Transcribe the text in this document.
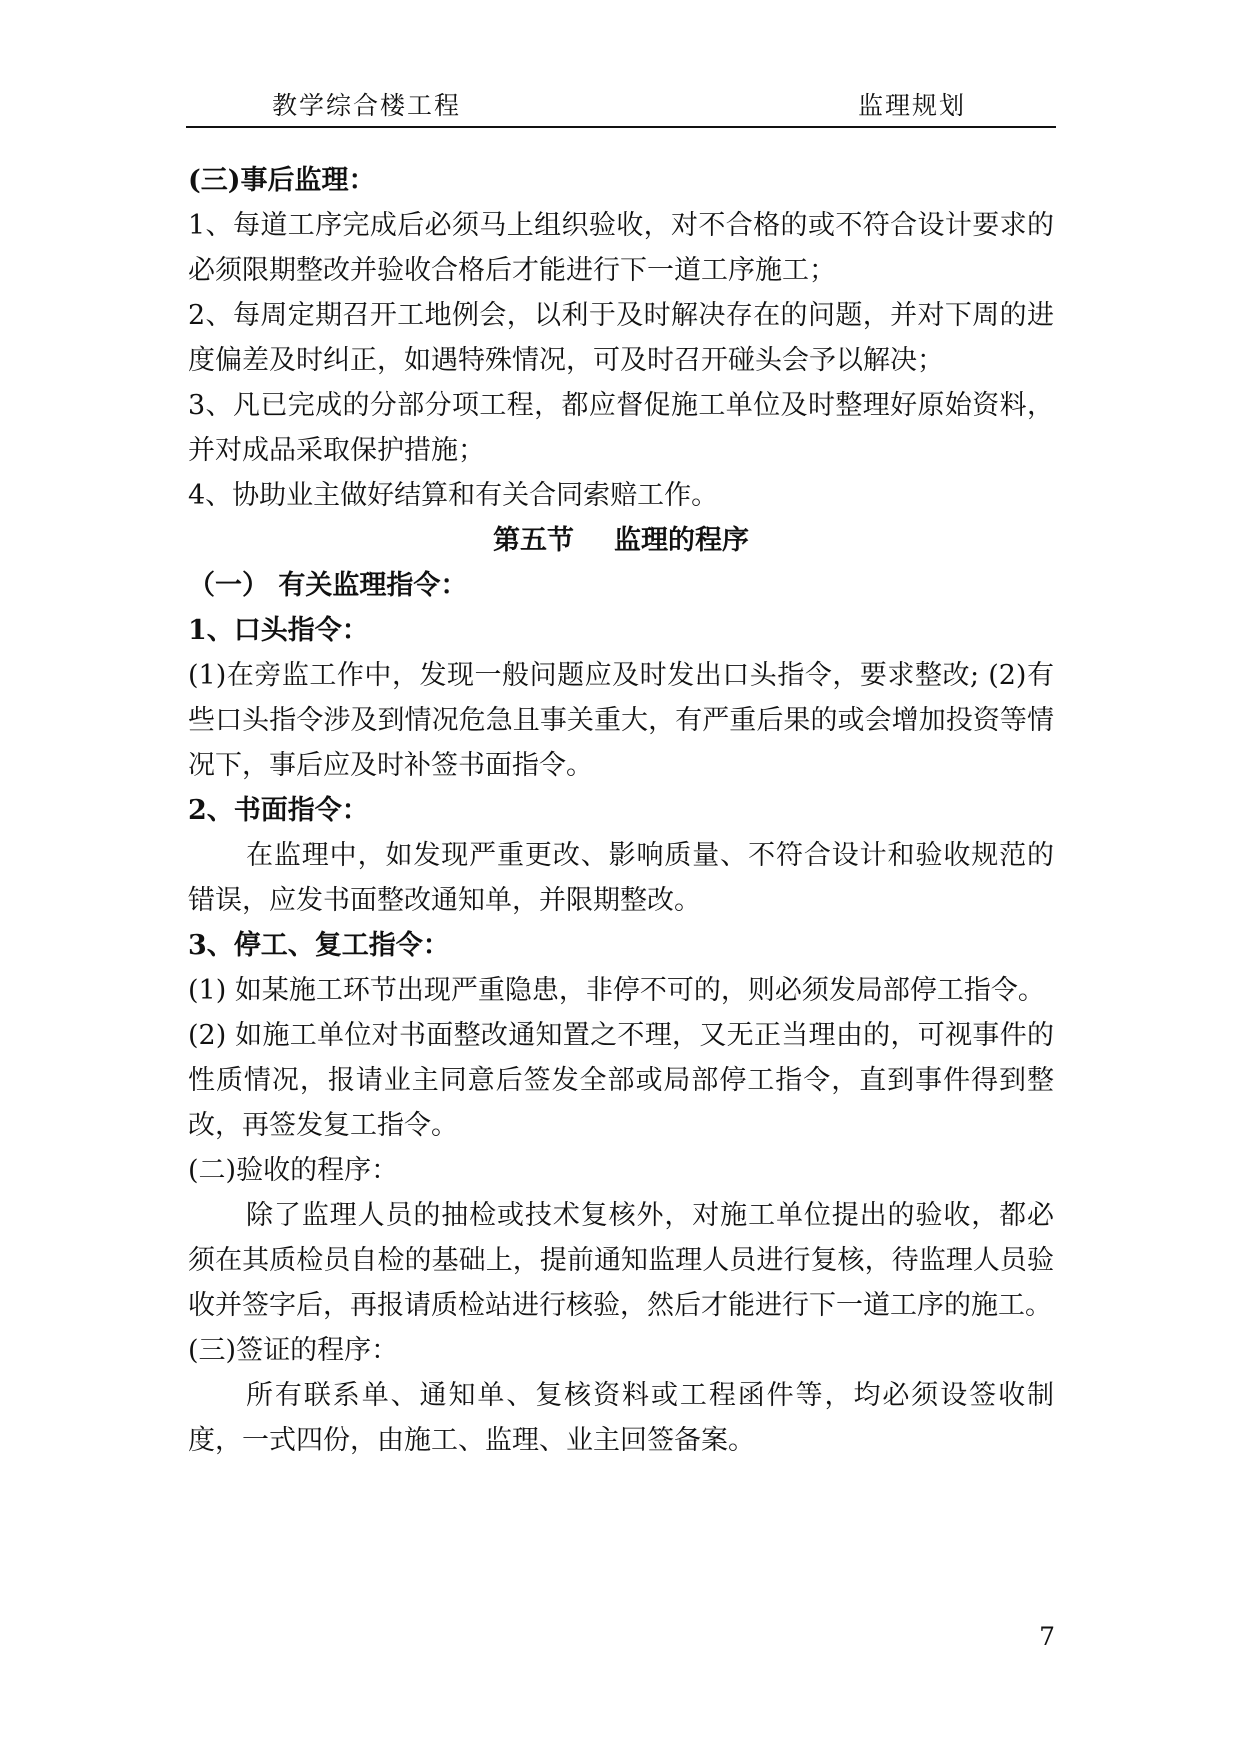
教学综合楼工程	监理规划

(三)事后监理：

1、每道工序完成后必须马上组织验收，对不合格的或不符合设计要求的必须限期整改并验收合格后才能进行下一道工序施工；

2、每周定期召开工地例会，以利于及时解决存在的问题，并对下周的进度偏差及时纠正，如遇特殊情况，可及时召开碰头会予以解决；

3、凡已完成的分部分项工程，都应督促施工单位及时整理好原始资料，并对成品采取保护措施；

4、协助业主做好结算和有关合同索赔工作。

第五节 监理的程序

（一） 有关监理指令：

1、口头指令：

(1)在旁监工作中，发现一般问题应及时发出口头指令，要求整改; (2)有些口头指令涉及到情况危急且事关重大，有严重后果的或会增加投资等情况下，事后应及时补签书面指令。

2、书面指令：

在监理中，如发现严重更改、影响质量、不符合设计和验收规范的错误，应发书面整改通知单，并限期整改。

3、停工、复工指令：

(1) 如某施工环节出现严重隐患，非停不可的，则必须发局部停工指令。

(2) 如施工单位对书面整改通知置之不理，又无正当理由的，可视事件的性质情况，报请业主同意后签发全部或局部停工指令，直到事件得到整改，再签发复工指令。

(二)验收的程序：

除了监理人员的抽检或技术复核外，对施工单位提出的验收，都必须在其质检员自检的基础上，提前通知监理人员进行复核，待监理人员验收并签字后，再报请质检站进行核验，然后才能进行下一道工序的施工。

(三)签证的程序：

所有联系单、通知单、复核资料或工程函件等，均必须设签收制度，一式四份，由施工、监理、业主回签备案。

7
